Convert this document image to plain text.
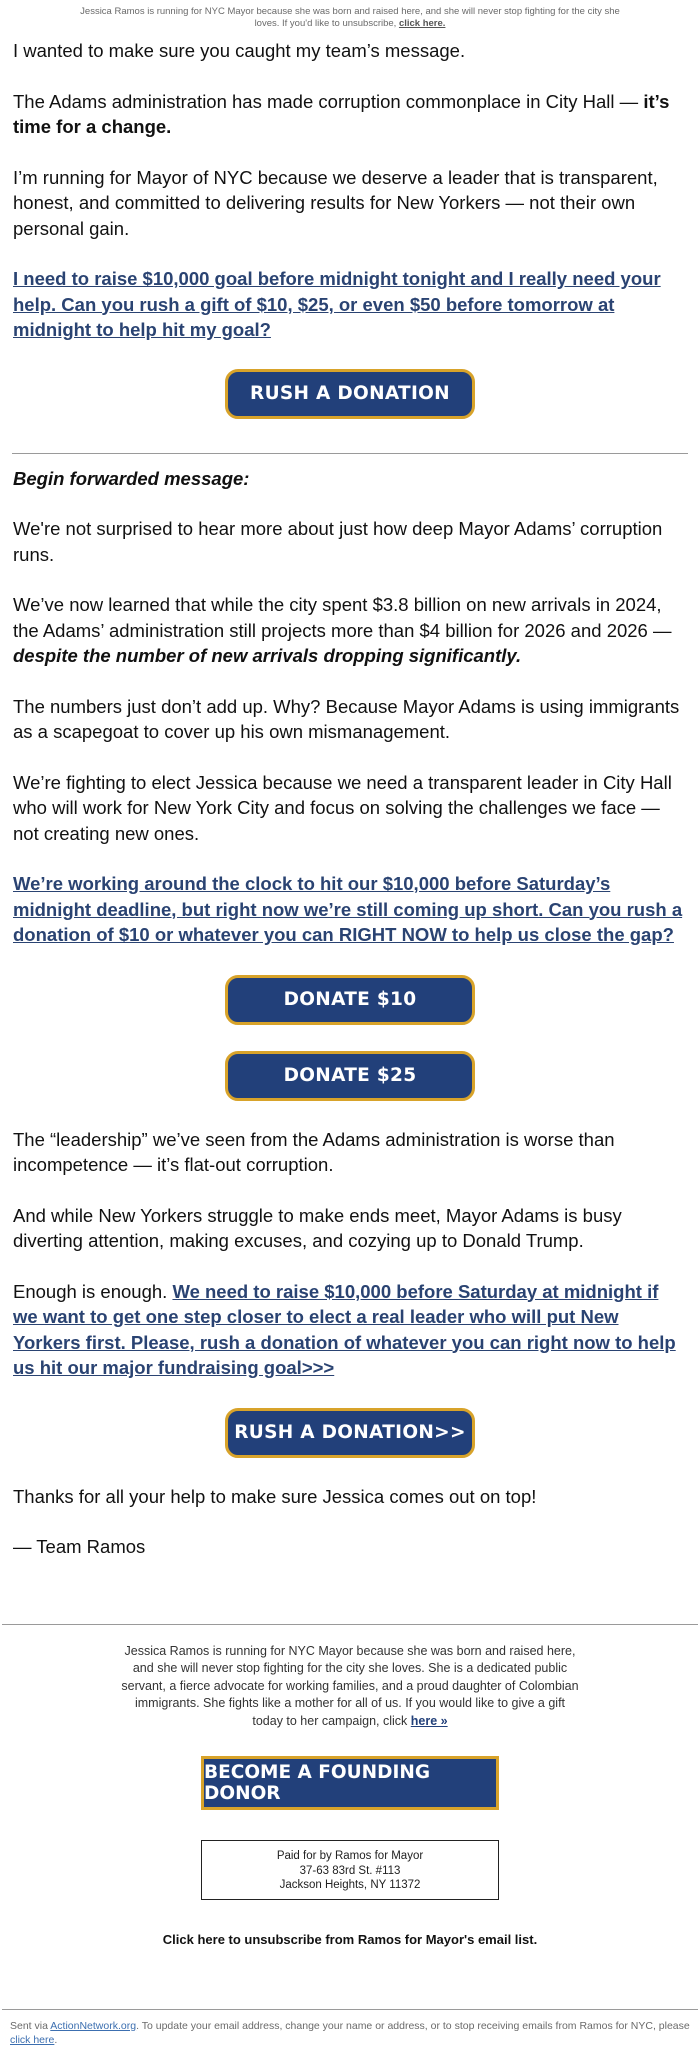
Jessica Ramos is running for NYC Mayor because she was born and raised here, and she will never stop fighting for the city she loves. If you'd like to unsubscribe, click here.

I wanted to make sure you caught my team’s message.

The Adams administration has made corruption commonplace in City Hall — it’s time for a change.

I’m running for Mayor of NYC because we deserve a leader that is transparent, honest, and committed to delivering results for New Yorkers — not their own personal gain.

I need to raise $10,000 goal before midnight tonight and I really need your help. Can you rush a gift of $10, $25, or even $50 before tomorrow at midnight to help hit my goal?

RUSH A DONATION

Begin forwarded message:

We're not surprised to hear more about just how deep Mayor Adams’ corruption runs.

We’ve now learned that while the city spent $3.8 billion on new arrivals in 2024, the Adams’ administration still projects more than $4 billion for 2026 and 2026 — despite the number of new arrivals dropping significantly.

The numbers just don’t add up. Why? Because Mayor Adams is using immigrants as a scapegoat to cover up his own mismanagement.

We’re fighting to elect Jessica because we need a transparent leader in City Hall who will work for New York City and focus on solving the challenges we face — not creating new ones.

We’re working around the clock to hit our $10,000 before Saturday’s midnight deadline, but right now we’re still coming up short. Can you rush a donation of $10 or whatever you can RIGHT NOW to help us close the gap?

DONATE $10
DONATE $25

The “leadership” we’ve seen from the Adams administration is worse than incompetence — it’s flat-out corruption.

And while New Yorkers struggle to make ends meet, Mayor Adams is busy diverting attention, making excuses, and cozying up to Donald Trump.

Enough is enough. We need to raise $10,000 before Saturday at midnight if we want to get one step closer to elect a real leader who will put New Yorkers first. Please, rush a donation of whatever you can right now to help us hit our major fundraising goal>>>

RUSH A DONATION>>

Thanks for all your help to make sure Jessica comes out on top!

— Team Ramos

Jessica Ramos is running for NYC Mayor because she was born and raised here, and she will never stop fighting for the city she loves. She is a dedicated public servant, a fierce advocate for working families, and a proud daughter of Colombian immigrants. She fights like a mother for all of us. If you would like to give a gift today to her campaign, click here »
BECOME A FOUNDING DONOR
Paid for by Ramos for Mayor
37-63 83rd St. #113
Jackson Heights, NY 11372
Click here to unsubscribe from Ramos for Mayor's email list.
Sent via ActionNetwork.org. To update your email address, change your name or address, or to stop receiving emails from Ramos for NYC, please click here.
